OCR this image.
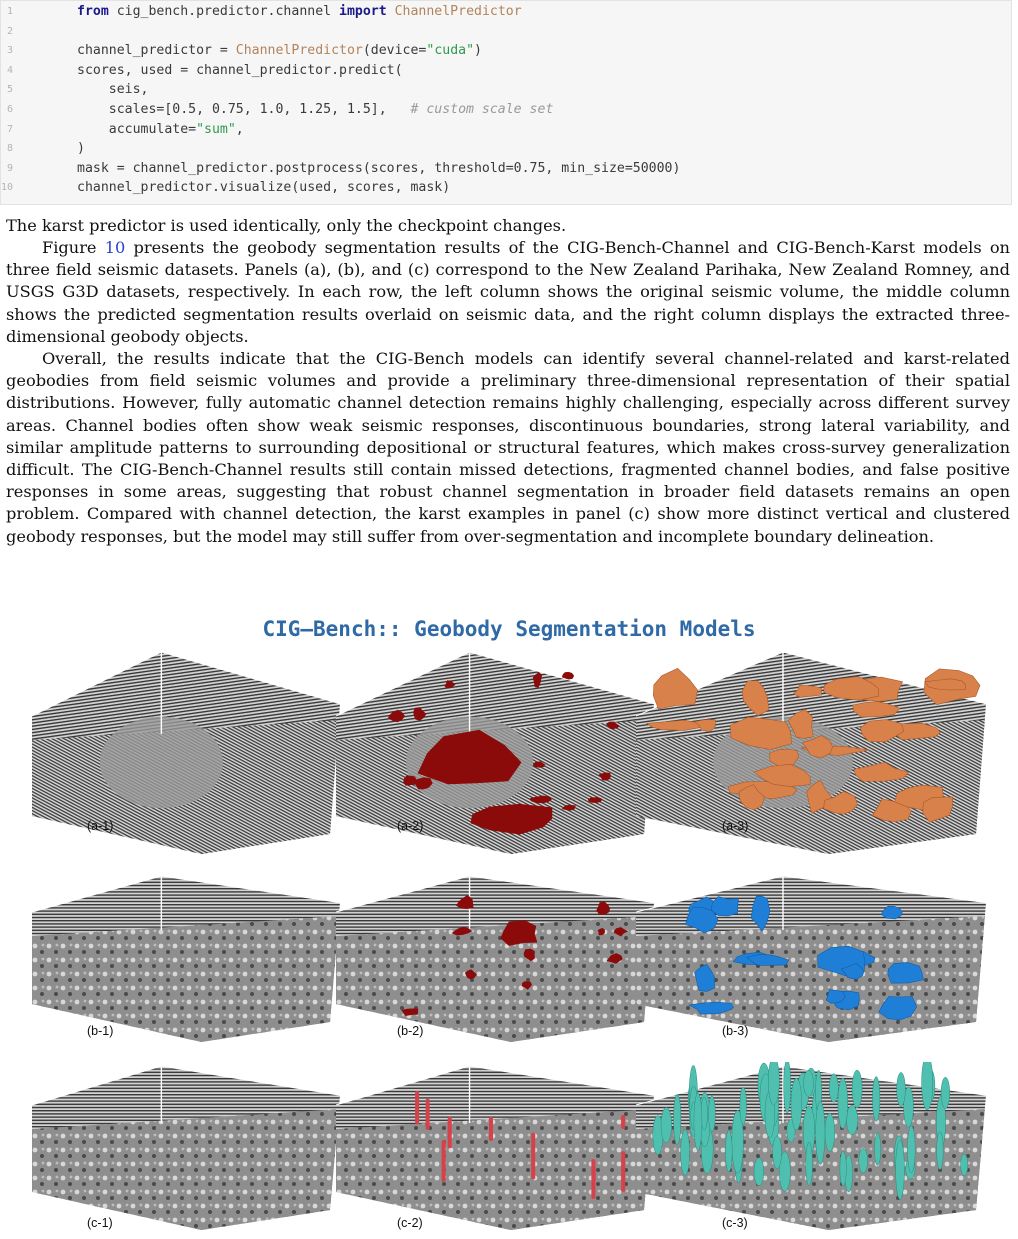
1	from cig_bench.predictor.channel import ChannelPredictor
2
3	channel_predictor = ChannelPredictor(device="cuda")
4	scores, used = channel_predictor.predict(
5	seis,
6	scales=[0.5, 0.75, 1.0, 1.25, 1.5],   # custom scale set
7	accumulate="sum",
8	)
9	mask = channel_predictor.postprocess(scores, threshold=0.75, min_size=50000)
10	channel_predictor.visualize(used, scores, mask)

The karst predictor is used identically, only the checkpoint changes.

Figure 10 presents the geobody segmentation results of the CIG-Bench-Channel and CIG-Bench-Karst models on three field seismic datasets. Panels (a), (b), and (c) correspond to the New Zealand Parihaka, New Zealand Romney, and USGS G3D datasets, respectively. In each row, the left column shows the original seismic volume, the middle column shows the predicted segmentation results overlaid on seismic data, and the right column displays the extracted three-dimensional geobody objects.

Overall, the results indicate that the CIG-Bench models can identify several channel-related and karst-related geobodies from field seismic volumes and provide a preliminary three-dimensional representation of their spatial distributions. However, fully automatic channel detection remains highly challenging, especially across different survey areas. Channel bodies often show weak seismic responses, discontinuous boundaries, strong lateral variability, and similar amplitude patterns to surrounding depositional or structural features, which makes cross-survey generalization difficult. The CIG-Bench-Channel results still contain missed detections, fragmented channel bodies, and false positive responses in some areas, suggesting that robust channel segmentation in broader field datasets remains an open problem. Compared with channel detection, the karst examples in panel (c) show more distinct vertical and clustered geobody responses, but the model may still suffer from over-segmentation and incomplete boundary delineation.

CIG–Bench:: Geobody Segmentation Models
(a-1)	(a-2)	(a-3)
(b-1)	(b-2)	(b-3)
(c-1)	(c-2)	(c-3)
